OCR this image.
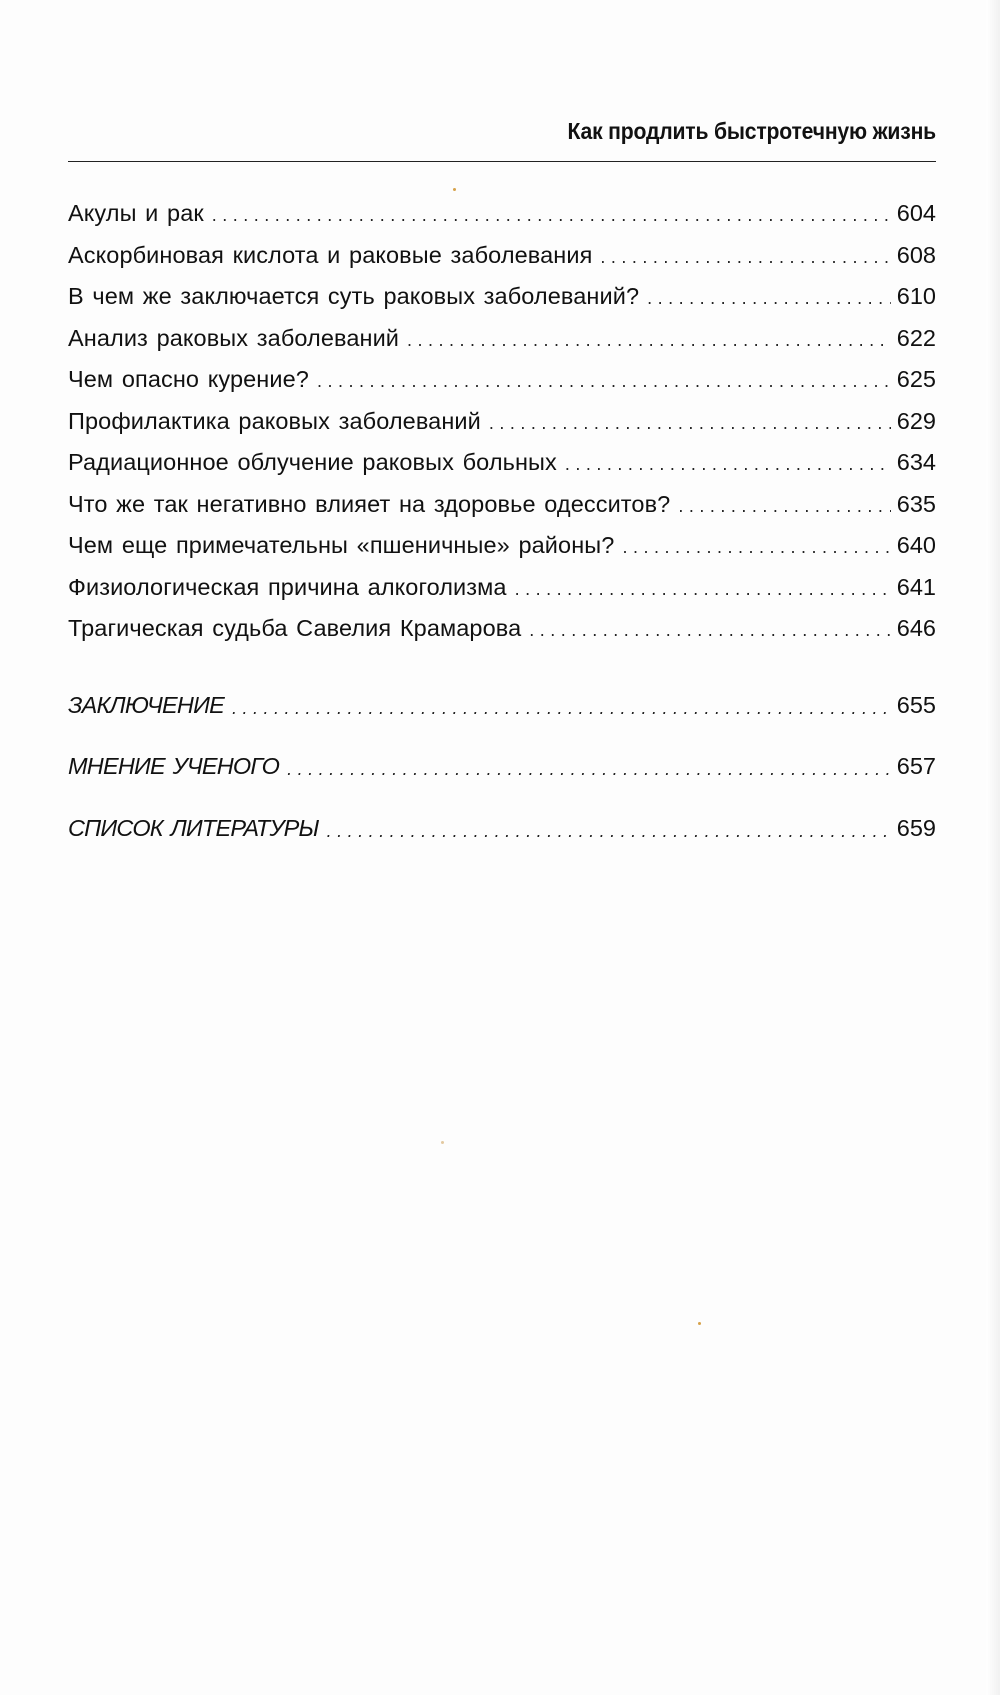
Как продлить быстротечную жизнь
Акулы и рак .....	604
Аскорбиновая кислота и раковые заболевания .....	608
В чем же заключается суть раковых заболеваний? .....	610
Анализ раковых заболеваний .....	622
Чем опасно курение? .....	625
Профилактика раковых заболеваний .....	629
Радиационное облучение раковых больных .....	634
Что же так негативно влияет на здоровье одесситов? .....	635
Чем еще примечательны «пшеничные» районы? .....	640
Физиологическая причина алкоголизма .....	641
Трагическая судьба Савелия Крамарова .....	646
ЗАКЛЮЧЕНИЕ .....	655
МНЕНИЕ УЧЕНОГО .....	657
СПИСОК ЛИТЕРАТУРЫ .....	659
